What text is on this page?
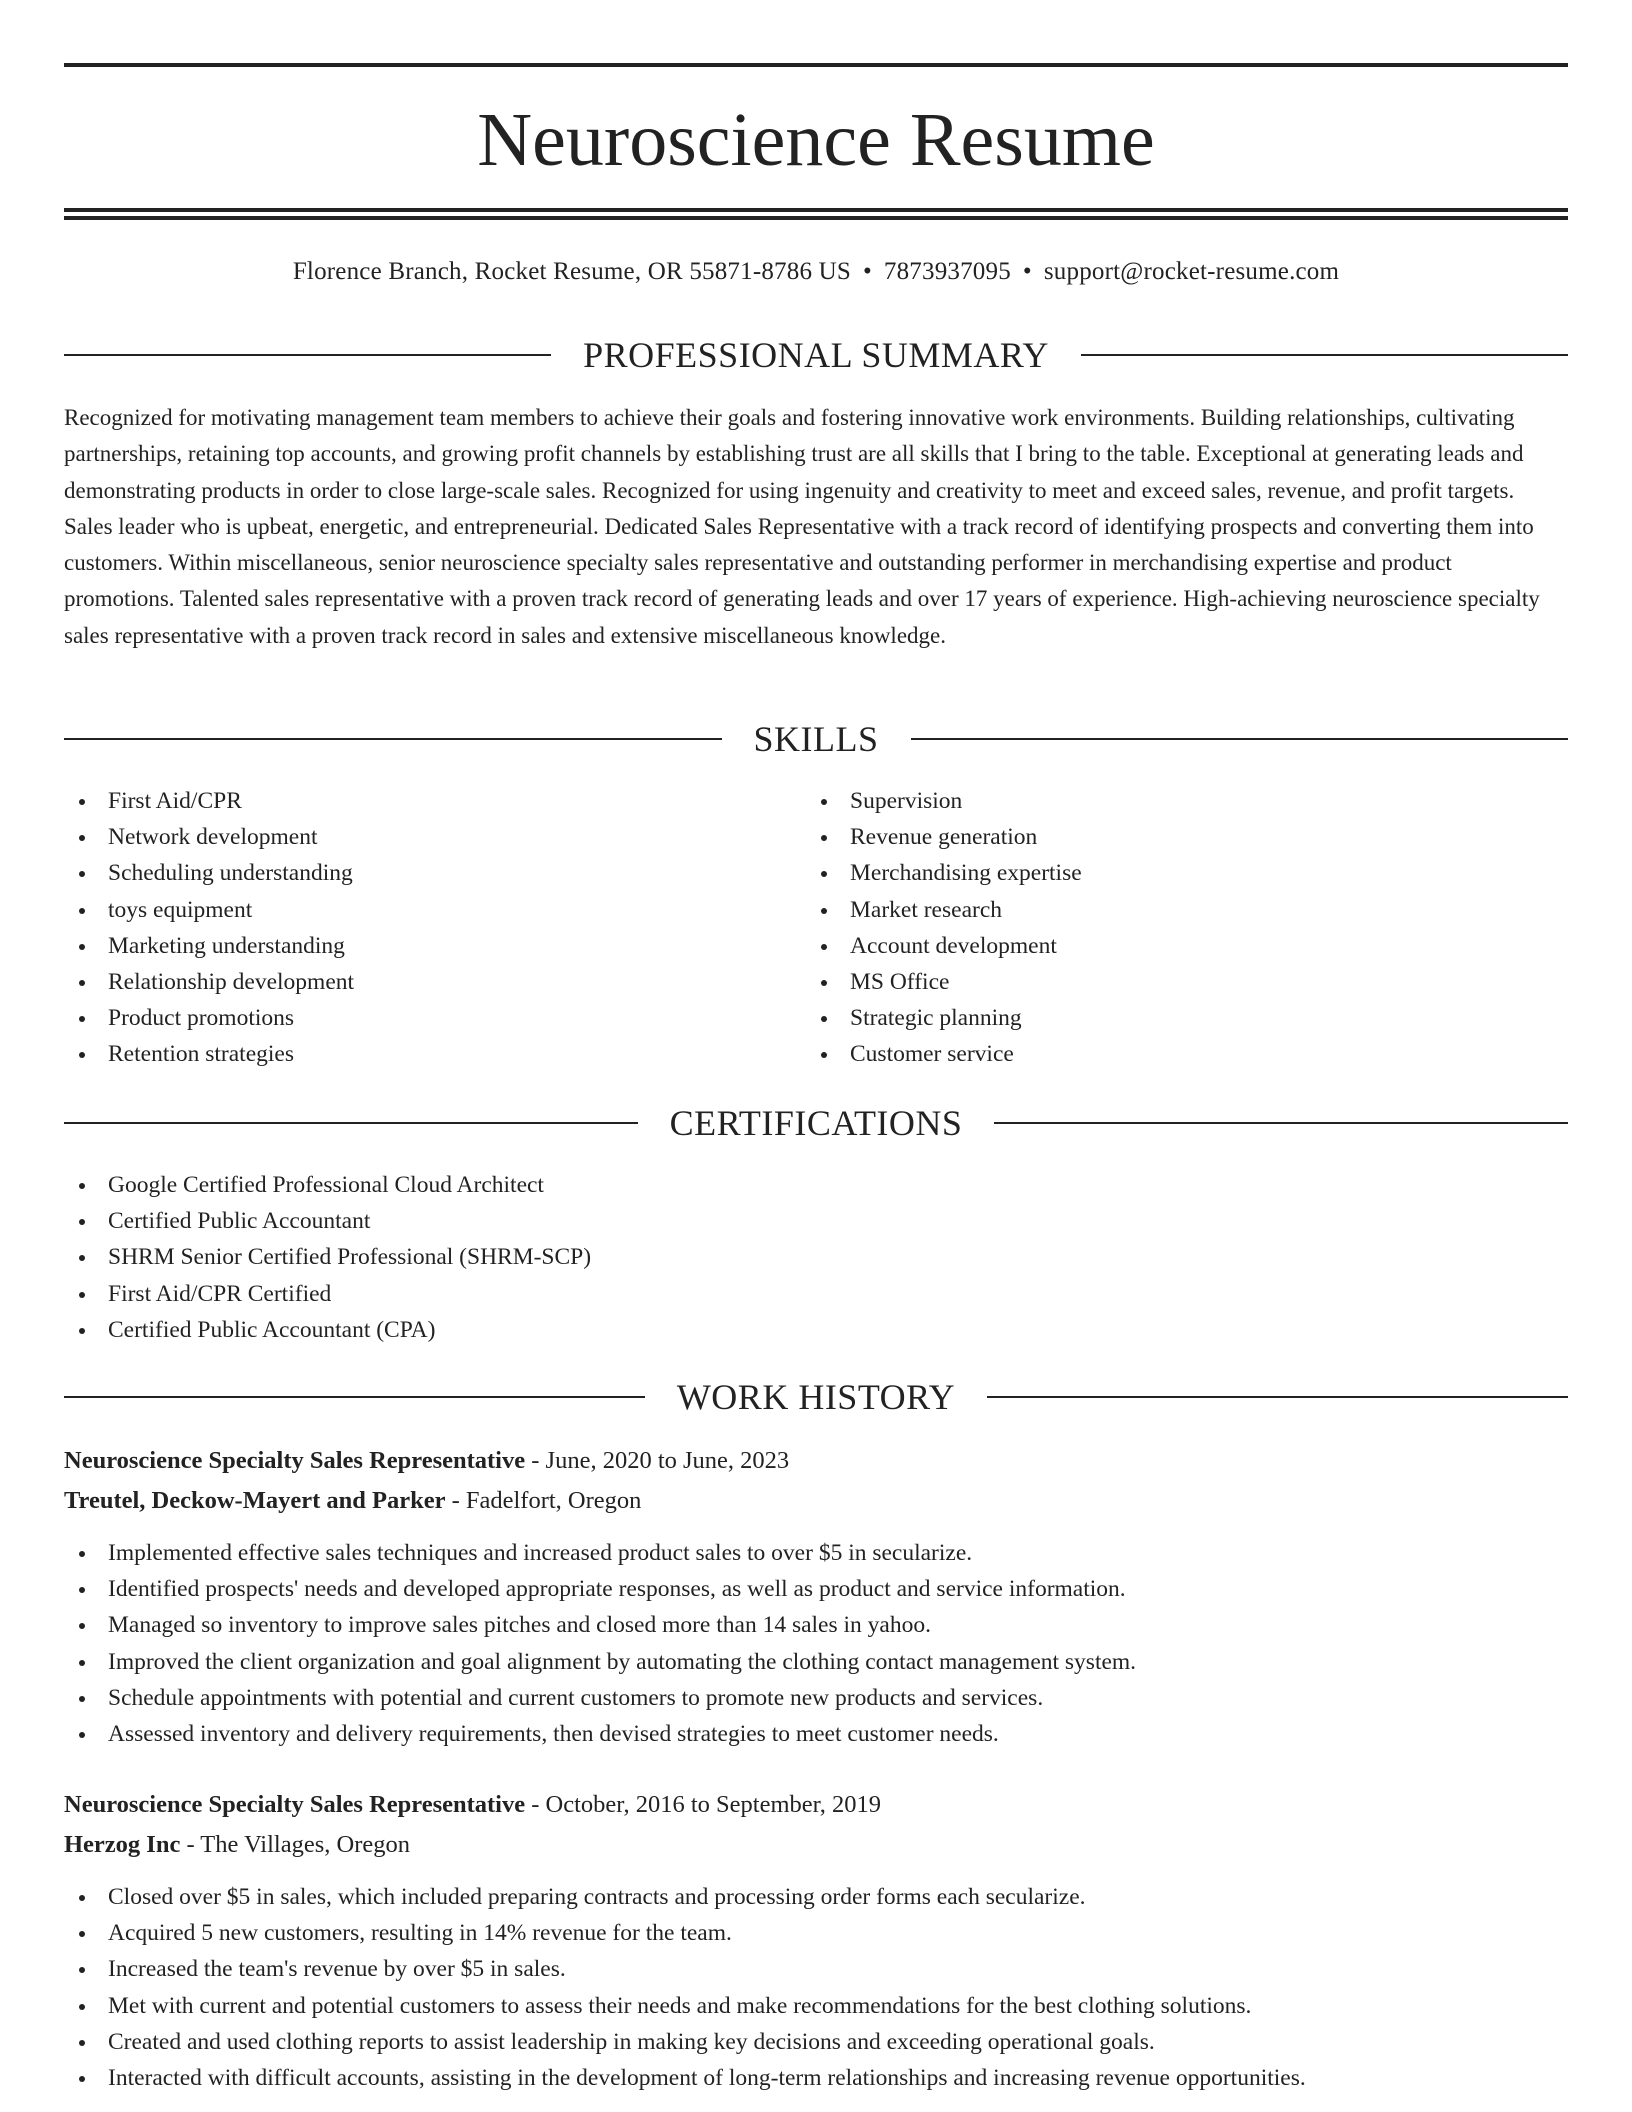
Neuroscience Resume
Florence Branch, Rocket Resume, OR 55871-8786 US • 7873937095 • support@rocket-resume.com
PROFESSIONAL SUMMARY

Recognized for motivating management team members to achieve their goals and fostering innovative work environments. Building relationships, cultivating partnerships, retaining top accounts, and growing profit channels by establishing trust are all skills that I bring to the table. Exceptional at generating leads and demonstrating products in order to close large-scale sales. Recognized for using ingenuity and creativity to meet and exceed sales, revenue, and profit targets. Sales leader who is upbeat, energetic, and entrepreneurial. Dedicated Sales Representative with a track record of identifying prospects and converting them into customers. Within miscellaneous, senior neuroscience specialty sales representative and outstanding performer in merchandising expertise and product promotions. Talented sales representative with a proven track record of generating leads and over 17 years of experience. High-achieving neuroscience specialty sales representative with a proven track record in sales and extensive miscellaneous knowledge.

SKILLS
First Aid/CPR
Network development
Scheduling understanding
toys equipment
Marketing understanding
Relationship development
Product promotions
Retention strategies
Supervision
Revenue generation
Merchandising expertise
Market research
Account development
MS Office
Strategic planning
Customer service
CERTIFICATIONS
Google Certified Professional Cloud Architect
Certified Public Accountant
SHRM Senior Certified Professional (SHRM-SCP)
First Aid/CPR Certified
Certified Public Accountant (CPA)
WORK HISTORY
Neuroscience Specialty Sales Representative - June, 2020 to June, 2023
Treutel, Deckow-Mayert and Parker - Fadelfort, Oregon
Implemented effective sales techniques and increased product sales to over $5 in secularize.
Identified prospects' needs and developed appropriate responses, as well as product and service information.
Managed so inventory to improve sales pitches and closed more than 14 sales in yahoo.
Improved the client organization and goal alignment by automating the clothing contact management system.
Schedule appointments with potential and current customers to promote new products and services.
Assessed inventory and delivery requirements, then devised strategies to meet customer needs.
Neuroscience Specialty Sales Representative - October, 2016 to September, 2019
Herzog Inc - The Villages, Oregon
Closed over $5 in sales, which included preparing contracts and processing order forms each secularize.
Acquired 5 new customers, resulting in 14% revenue for the team.
Increased the team's revenue by over $5 in sales.
Met with current and potential customers to assess their needs and make recommendations for the best clothing solutions.
Created and used clothing reports to assist leadership in making key decisions and exceeding operational goals.
Interacted with difficult accounts, assisting in the development of long-term relationships and increasing revenue opportunities.
